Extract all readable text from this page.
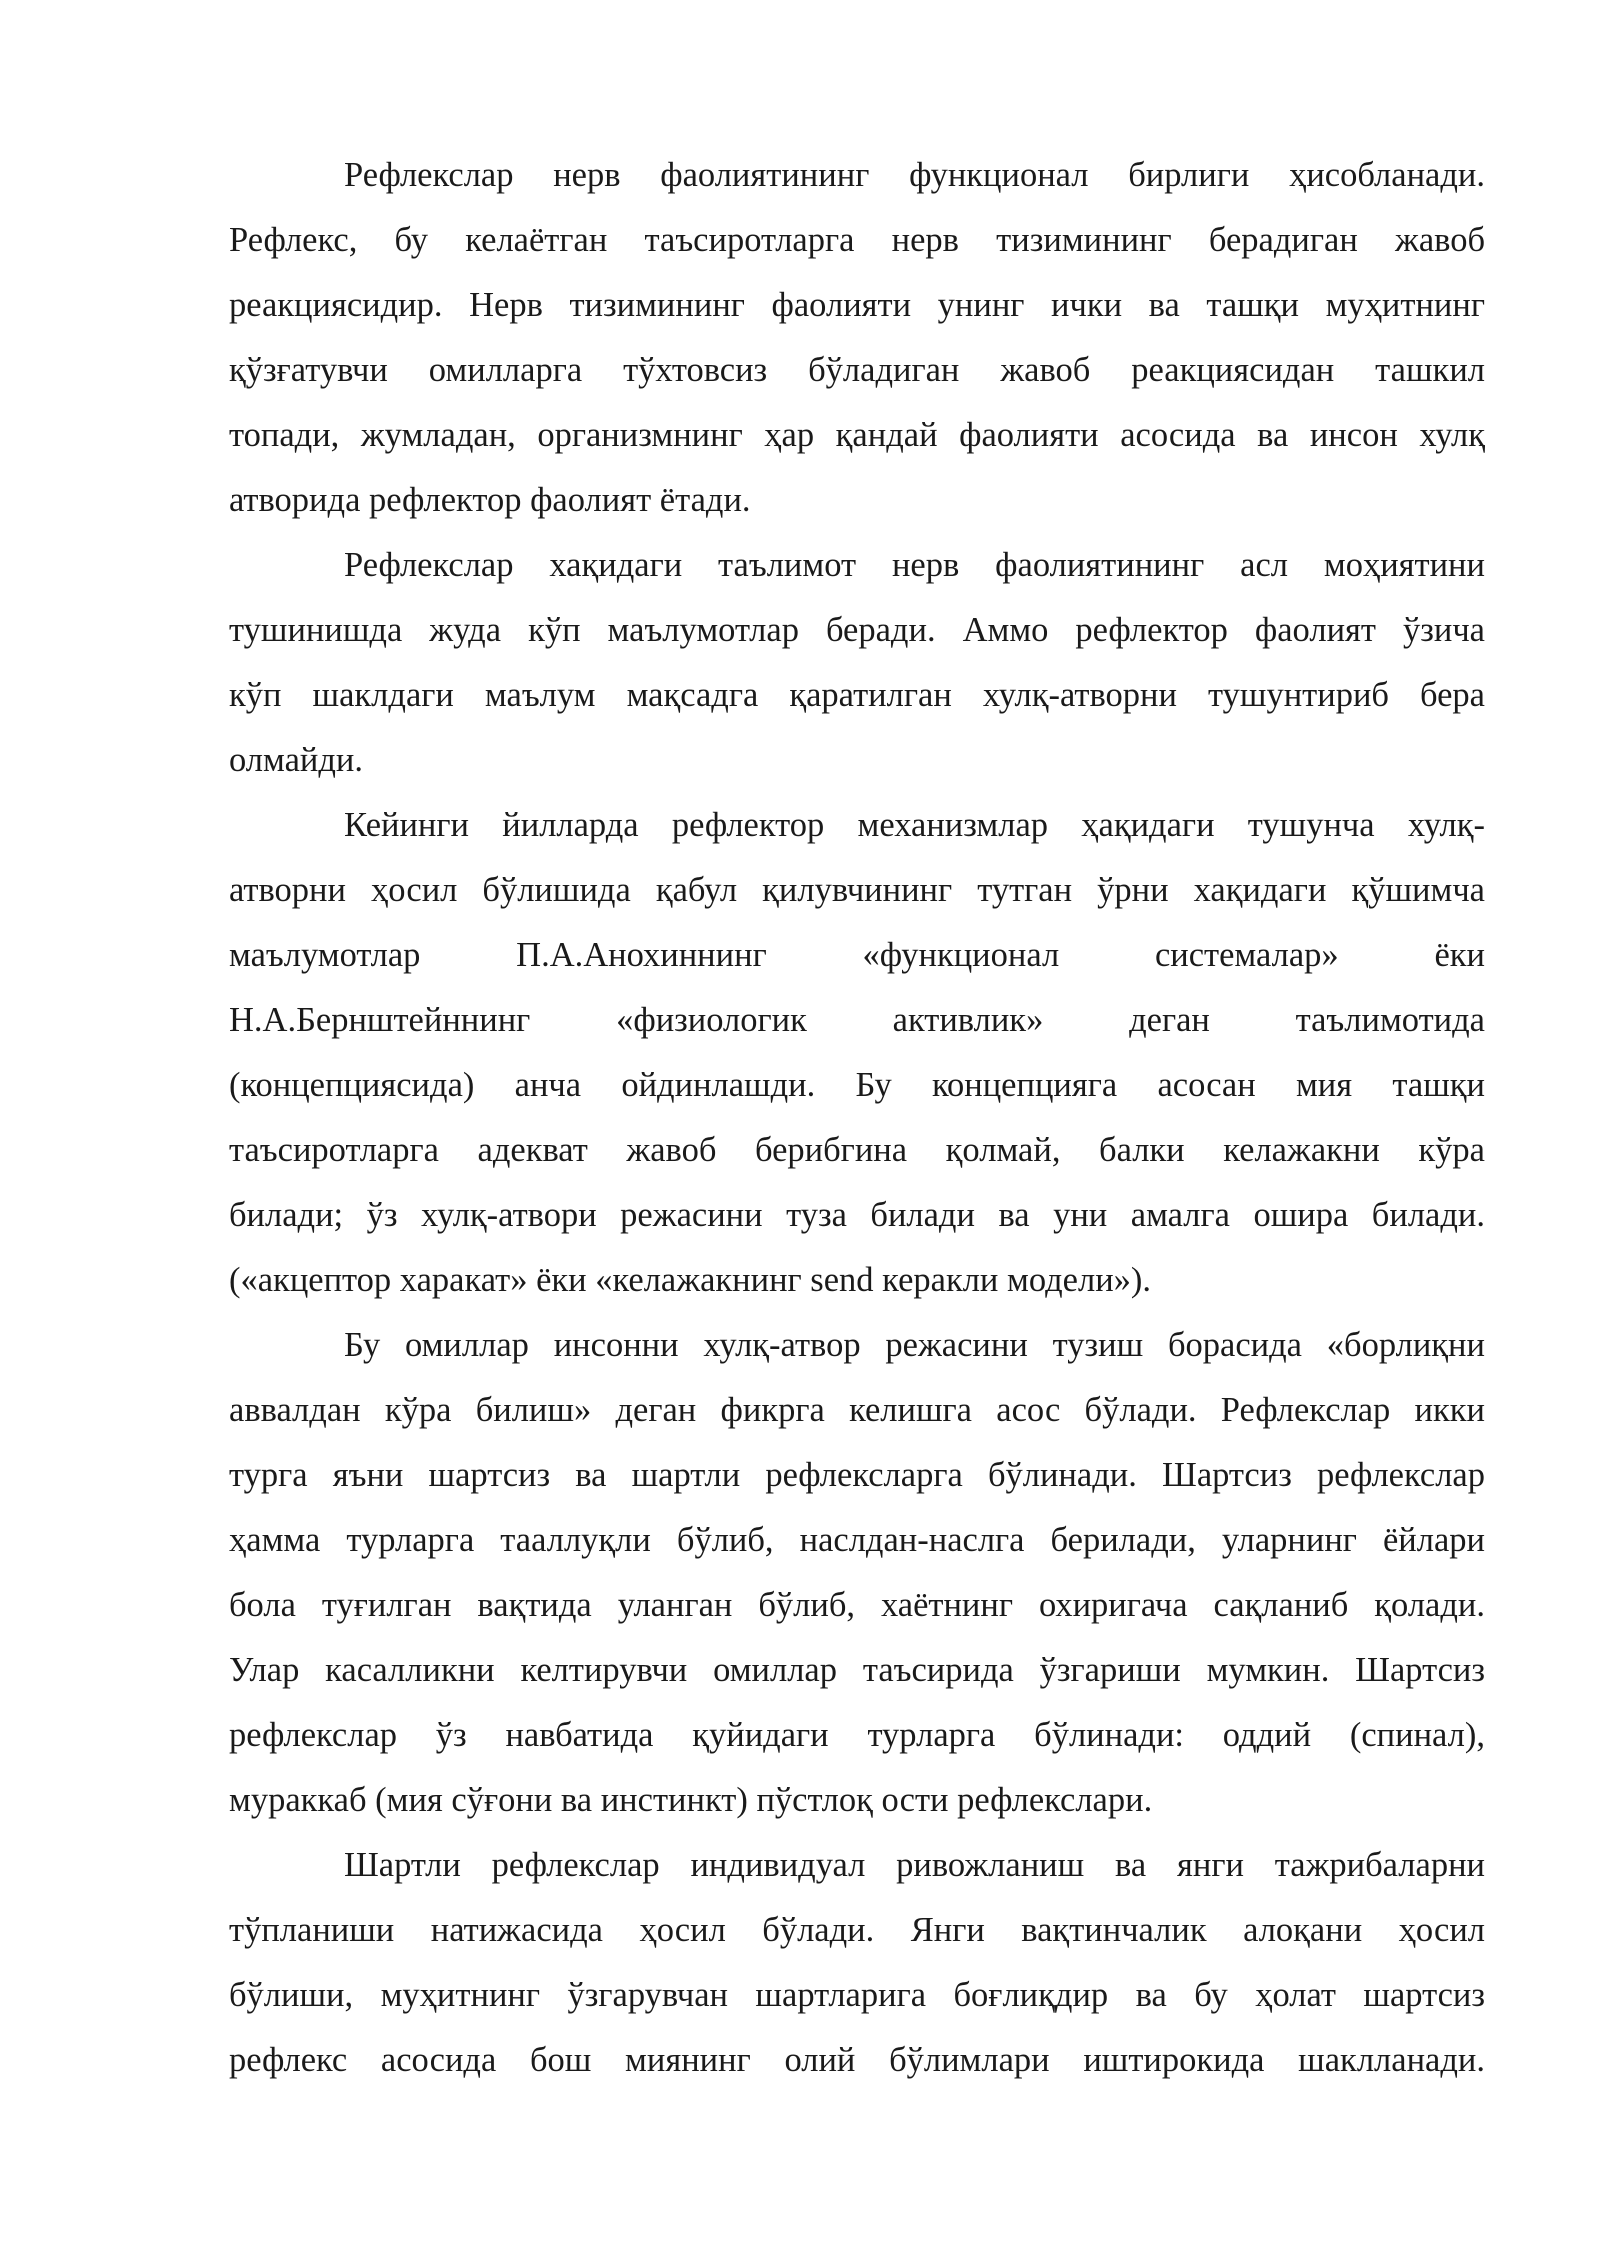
Рефлекслар нерв фаолиятининг функционал бирлиги ҳисобланади.
Рефлекс, бу келаётган таъсиротларга нерв тизимининг берадиган жавоб
реакциясидир. Нерв тизимининг фаолияти унинг ички ва ташқи муҳитнинг
қўзғатувчи омилларга тўхтовсиз бўладиган жавоб реакциясидан ташкил
топади, жумладан, организмнинг ҳар қандай фаолияти асосида ва инсон хулқ
атворида рефлектор фаолият ётади.
Рефлекслар хақидаги таълимот нерв фаолиятининг асл моҳиятини
тушинишда жуда кўп маълумотлар беради. Аммо рефлектор фаолият ўзича
кўп шаклдаги маълум мақсадга қаратилган хулқ-атворни тушунтириб бера
олмайди.
Кейинги йилларда рефлектор механизмлар ҳақидаги тушунча хулқ-
атворни ҳосил бўлишида қабул қилувчининг тутган ўрни хақидаги қўшимча
маълумотлар П.А.Анохиннинг «функционал системалар» ёки
Н.А.Бернштейннинг «физиологик активлик» деган таълимотида
(концепциясида) анча ойдинлашди. Бу концепцияга асосан мия ташқи
таъсиротларга адекват жавоб берибгина қолмай, балки келажакни кўра
билади; ўз хулқ-атвори режасини туза билади ва уни амалга ошира билади.
(«акцептор харакат» ёки «келажакнинг send керакли модели»).
Бу омиллар инсонни хулқ-атвор режасини тузиш борасида «борлиқни
аввалдан кўра билиш» деган фикрга келишга асос бўлади. Рефлекслар икки
турга яъни шартсиз ва шартли рефлексларга бўлинади. Шартсиз рефлекслар
ҳамма турларга тааллуқли бўлиб, наслдан-наслга берилади, уларнинг ёйлари
бола туғилган вақтида уланган бўлиб, хаётнинг охиригача сақланиб қолади.
Улар касалликни келтирувчи омиллар таъсирида ўзгариши мумкин. Шартсиз
рефлекслар ўз навбатида қуйидаги турларга бўлинади: оддий (спинал),
мураккаб (мия сўғони ва инстинкт) пўстлоқ ости рефлекслари.
Шартли рефлекслар индивидуал ривожланиш ва янги тажрибаларни
тўпланиши натижасида ҳосил бўлади. Янги вақтинчалик алоқани ҳосил
бўлиши, муҳитнинг ўзгарувчан шартларига боғлиқдир ва бу ҳолат шартсиз
рефлекс асосида бош миянинг олий бўлимлари иштирокида шаклланади.
